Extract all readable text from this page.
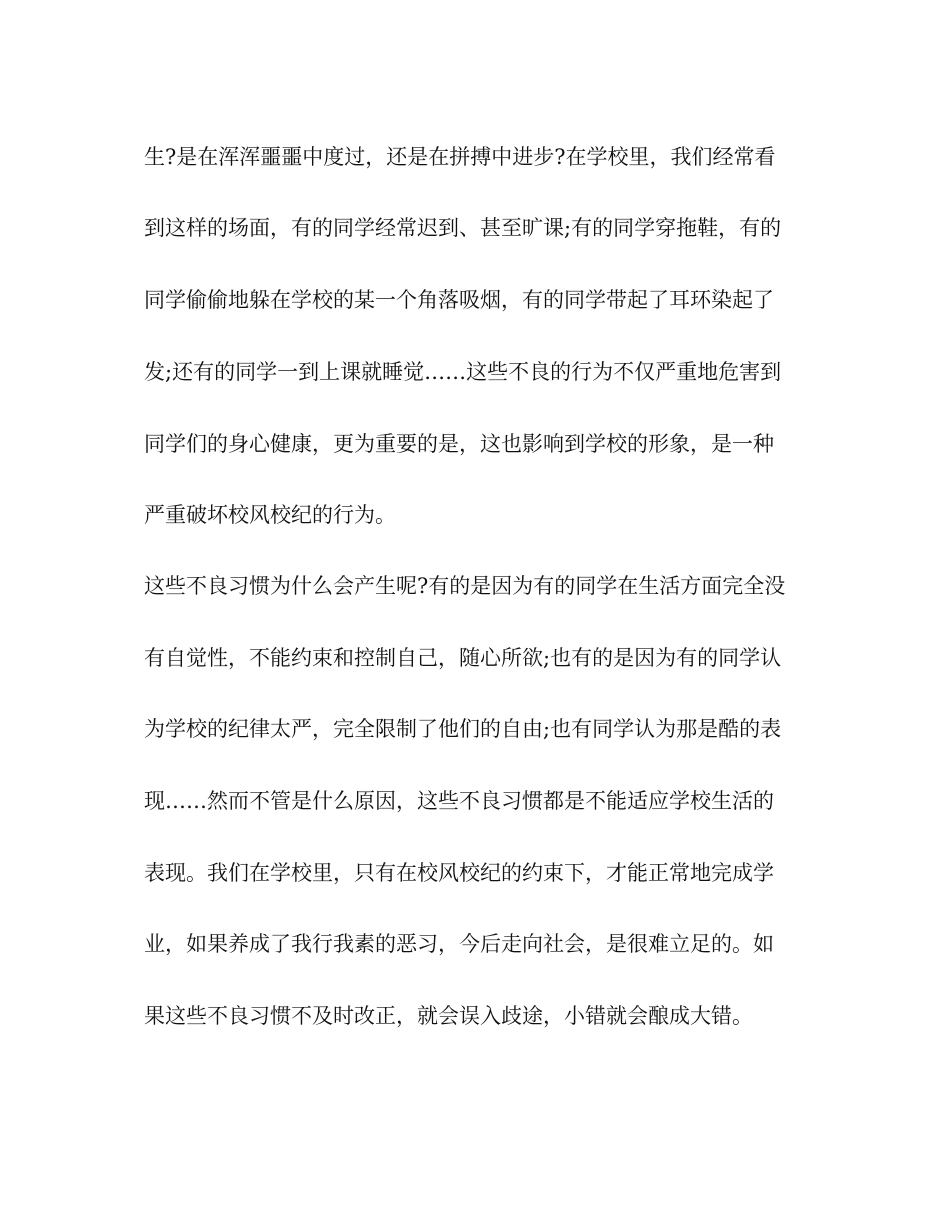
生?是在浑浑噩噩中度过，还是在拼搏中进步?在学校里，我们经常看
到这样的场面，有的同学经常迟到、甚至旷课;有的同学穿拖鞋，有的
同学偷偷地躲在学校的某一个角落吸烟，有的同学带起了耳环染起了
发;还有的同学一到上课就睡觉……这些不良的行为不仅严重地危害到
同学们的身心健康，更为重要的是，这也影响到学校的形象，是一种
严重破坏校风校纪的行为。
这些不良习惯为什么会产生呢?有的是因为有的同学在生活方面完全没
有自觉性，不能约束和控制自己，随心所欲;也有的是因为有的同学认
为学校的纪律太严，完全限制了他们的自由;也有同学认为那是酷的表
现……然而不管是什么原因，这些不良习惯都是不能适应学校生活的
表现。我们在学校里，只有在校风校纪的约束下，才能正常地完成学
业，如果养成了我行我素的恶习，今后走向社会，是很难立足的。如
果这些不良习惯不及时改正，就会误入歧途，小错就会酿成大错。
